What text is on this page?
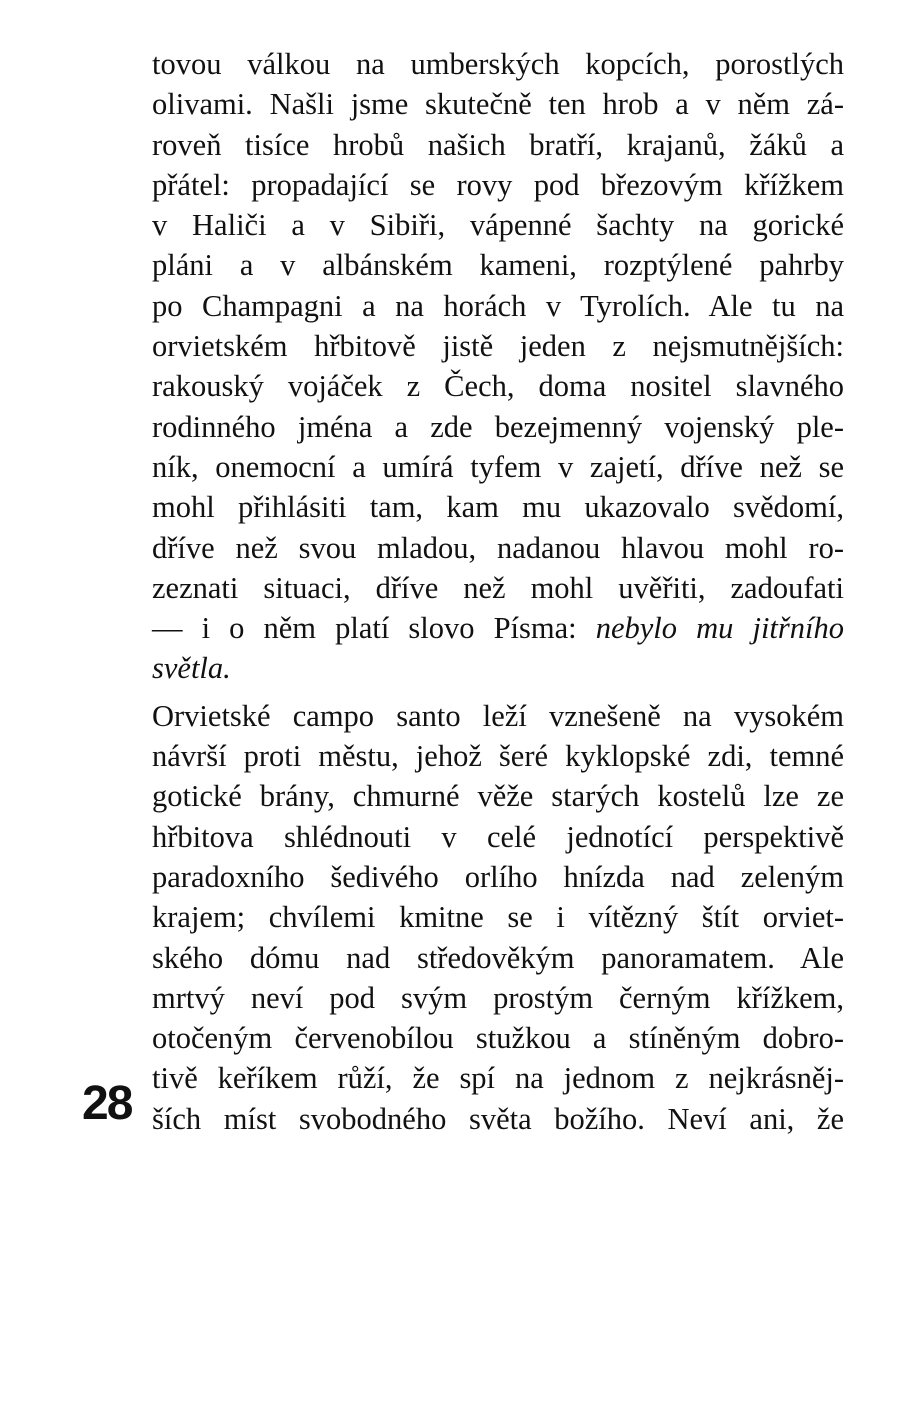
tovou válkou na umberských kopcích, porostlých
olivami. Našli jsme skutečně ten hrob a v něm zá-
roveň tisíce hrobů našich bratří, krajanů, žáků a
přátel: propadající se rovy pod březovým křížkem
v Haliči a v Sibiři, vápenné šachty na gorické
pláni a v albánském kameni, rozptýlené pahrby
po Champagni a na horách v Tyrolích. Ale tu na
orvietském hřbitově jistě jeden z nejsmutnějších:
rakouský vojáček z Čech, doma nositel slavného
rodinného jména a zde bezejmenný vojenský ple-
ník, onemocní a umírá tyfem v zajetí, dříve než se
mohl přihlásiti tam, kam mu ukazovalo svědomí,
dříve než svou mladou, nadanou hlavou mohl ro-
zeznati situaci, dříve než mohl uvěřiti, zadoufati
— i o něm platí slovo Písma: nebylo mu jitřního
světla.

Orvietské campo santo leží vznešeně na vysokém
návrší proti městu, jehož šeré kyklopské zdi, temné
gotické brány, chmurné věže starých kostelů lze ze
hřbitova shlédnouti v celé jednotící perspektivě
paradoxního šedivého orlího hnízda nad zeleným
krajem; chvílemi kmitne se i vítězný štít orviet-
ského dómu nad středověkým panoramatem. Ale
mrtvý neví pod svým prostým černým křížkem,
otočeným červenobílou stužkou a stíněným dobro-
tivě keříkem růží, že spí na jednom z nejkrásněj-
ších míst svobodného světa božího. Neví ani, že

28
